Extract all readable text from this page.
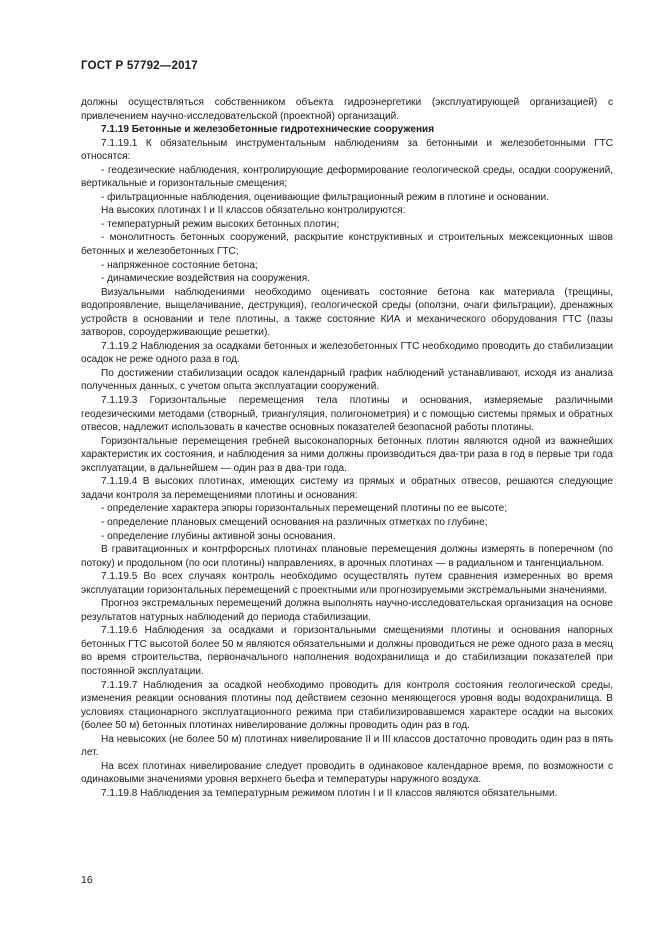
ГОСТ Р 57792—2017

должны осуществляться собственником объекта гидроэнергетики (эксплуатирующей организацией) с привлечением научно-исследовательской (проектной) организаций.

7.1.19 Бетонные и железобетонные гидротехнические сооружения

7.1.19.1 К обязательным инструментальным наблюдениям за бетонными и железобетонными ГТС относятся:

- геодезические наблюдения, контролирующие деформирование геологической среды, осадки сооружений, вертикальные и горизонтальные смещения;

- фильтрационные наблюдения, оценивающие фильтрационный режим в плотине и основании.

На высоких плотинах I и II классов обязательно контролируются:

- температурный режим высоких бетонных плотин;

- монолитность бетонных сооружений, раскрытие конструктивных и строительных межсекционных швов бетонных и железобетонных ГТС;

- напряженное состояние бетона;

- динамические воздействия на сооружения.

Визуальными наблюдениями необходимо оценивать состояние бетона как материала (трещины, водопроявление, выщелачивание, деструкция), геологической среды (оползни, очаги фильтрации), дренажных устройств в основании и теле плотины, а также состояние КИА и механического оборудования ГТС (пазы затворов, сороудерживающие решетки).

7.1.19.2 Наблюдения за осадками бетонных и железобетонных ГТС необходимо проводить до стабилизации осадок не реже одного раза в год.

По достижении стабилизации осадок календарный график наблюдений устанавливают, исходя из анализа полученных данных, с учетом опыта эксплуатации сооружений.

7.1.19.3 Горизонтальные перемещения тела плотины и основания, измеряемые различными геодезическими методами (створный, триангуляция, полигонометрия) и с помощью системы прямых и обратных отвесов, надлежит использовать в качестве основных показателей безопасной работы плотины.

Горизонтальные перемещения гребней высоконапорных бетонных плотин являются одной из важнейших характеристик их состояния, и наблюдения за ними должны производиться два-три раза в год в первые три года эксплуатации, в дальнейшем — один раз в два-три года.

7.1.19.4 В высоких плотинах, имеющих систему из прямых и обратных отвесов, решаются следующие задачи контроля за перемещениями плотины и основания:

- определение характера эпюры горизонтальных перемещений плотины по ее высоте;

- определение плановых смещений основания на различных отметках по глубине;

- определение глубины активной зоны основания.

В гравитационных и контрфорсных плотинах плановые перемещения должны измерять в поперечном (по потоку) и продольном (по оси плотины) направлениях, в арочных плотинах — в радиальном и тангенциальном.

7.1.19.5 Во всех случаях контроль необходимо осуществлять путем сравнения измеренных во время эксплуатации горизонтальных перемещений с проектными или прогнозируемыми экстремальными значениями.

Прогноз экстремальных перемещений должна выполнять научно-исследовательская организация на основе результатов натурных наблюдений до периода стабилизации.

7.1.19.6 Наблюдения за осадками и горизонтальными смещениями плотины и основания напорных бетонных ГТС высотой более 50 м являются обязательными и должны проводиться не реже одного раза в месяц во время строительства, первоначального наполнения водохранилища и до стабилизации показателей при постоянной эксплуатации.

7.1.19.7 Наблюдения за осадкой необходимо проводить для контроля состояния геологической среды, изменения реакции основания плотины под действием сезонно меняющегося уровня воды водохранилища. В условиях стационарного эксплуатационного режима при стабилизировавшемся характере осадки на высоких (более 50 м) бетонных плотинах нивелирование должны проводить один раз в год.

На невысоких (не более 50 м) плотинах нивелирование II и III классов достаточно проводить один раз в пять лет.

На всех плотинах нивелирование следует проводить в одинаковое календарное время, по возможности с одинаковыми значениями уровня верхнего бьефа и температуры наружного воздуха.

7.1.19.8 Наблюдения за температурным режимом плотин I и II классов являются обязательными.

16
